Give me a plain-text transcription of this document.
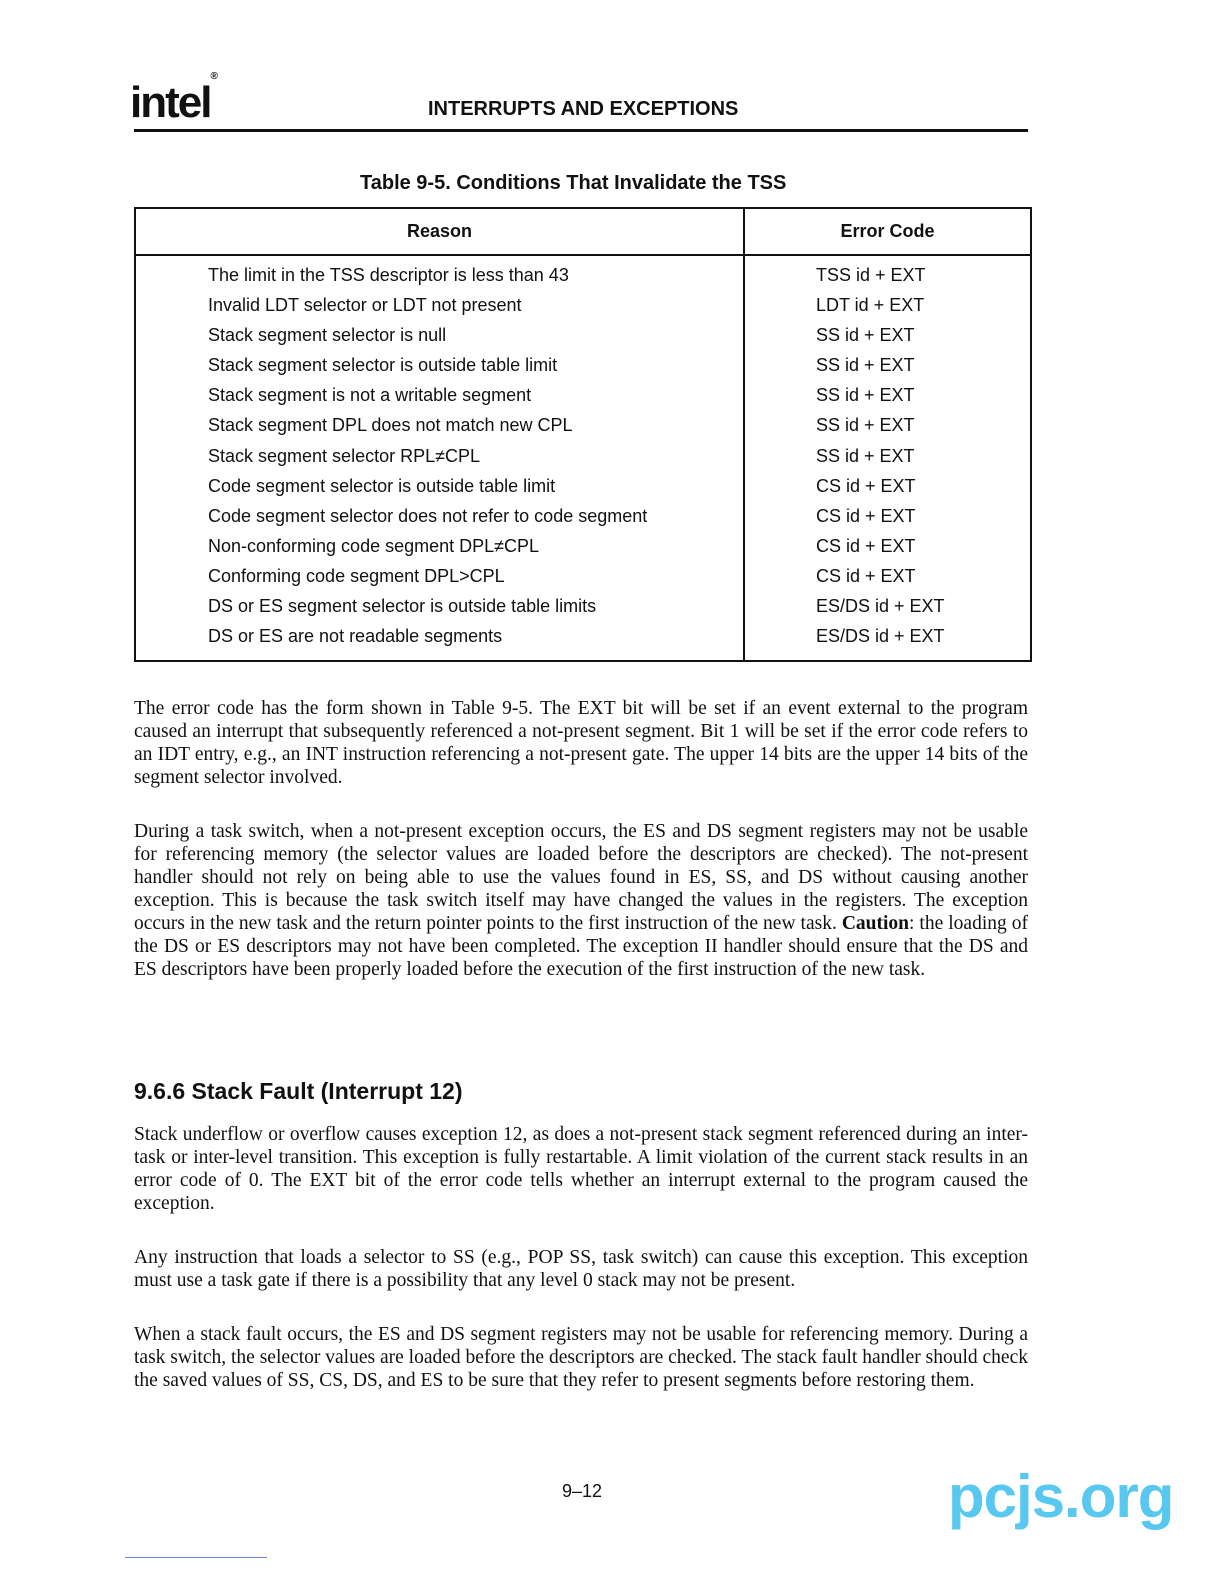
intel®
INTERRUPTS AND EXCEPTIONS
Table 9-5. Conditions That Invalidate the TSS
Reason	Error Code
The limit in the TSS descriptor is less than 43	TSS id + EXT
Invalid LDT selector or LDT not present	LDT id + EXT
Stack segment selector is null	SS id + EXT
Stack segment selector is outside table limit	SS id + EXT
Stack segment is not a writable segment	SS id + EXT
Stack segment DPL does not match new CPL	SS id + EXT
Stack segment selector RPL≠CPL	SS id + EXT
Code segment selector is outside table limit	CS id + EXT
Code segment selector does not refer to code segment	CS id + EXT
Non-conforming code segment DPL≠CPL	CS id + EXT
Conforming code segment DPL>CPL	CS id + EXT
DS or ES segment selector is outside table limits	ES/DS id + EXT
DS or ES are not readable segments	ES/DS id + EXT

The error code has the form shown in Table 9-5. The EXT bit will be set if an event external to the program caused an interrupt that subsequently referenced a not-present segment. Bit 1 will be set if the error code refers to an IDT entry, e.g., an INT instruction referencing a not-present gate. The upper 14 bits are the upper 14 bits of the segment selector involved.

During a task switch, when a not-present exception occurs, the ES and DS segment registers may not be usable for referencing memory (the selector values are loaded before the descriptors are checked). The not-present handler should not rely on being able to use the values found in ES, SS, and DS without causing another exception. This is because the task switch itself may have changed the values in the registers. The exception occurs in the new task and the return pointer points to the first instruction of the new task. Caution: the loading of the DS or ES descriptors may not have been completed. The exception II handler should ensure that the DS and ES descriptors have been properly loaded before the execution of the first instruction of the new task.

9.6.6 Stack Fault (Interrupt 12)

Stack underflow or overflow causes exception 12, as does a not-present stack segment referenced during an inter-task or inter-level transition. This exception is fully restartable. A limit violation of the current stack results in an error code of 0. The EXT bit of the error code tells whether an interrupt external to the program caused the exception.

Any instruction that loads a selector to SS (e.g., POP SS, task switch) can cause this exception. This exception must use a task gate if there is a possibility that any level 0 stack may not be present.

When a stack fault occurs, the ES and DS segment registers may not be usable for referencing memory. During a task switch, the selector values are loaded before the descriptors are checked. The stack fault handler should check the saved values of SS, CS, DS, and ES to be sure that they refer to present segments before restoring them.

9–12	pcjs.org
